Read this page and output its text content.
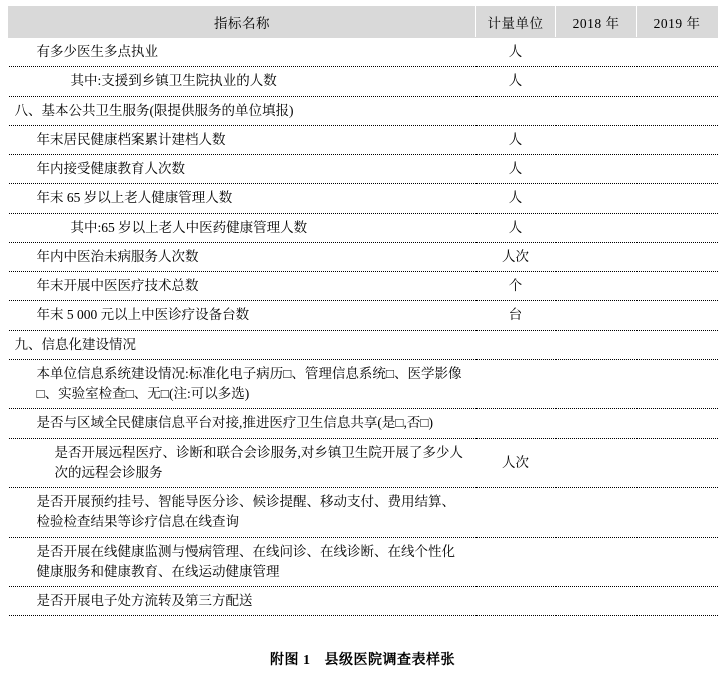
指标名称	计量单位	2018 年	2019 年
有多少医生多点执业	人		
其中:支援到乡镇卫生院执业的人数	人		
八、基本公共卫生服务(限提供服务的单位填报)			
年末居民健康档案累计建档人数	人		
年内接受健康教育人次数	人		
年末 65 岁以上老人健康管理人数	人		
其中:65 岁以上老人中医药健康管理人数	人		
年内中医治未病服务人次数	人次		
年末开展中医医疗技术总数	个		
年末 5 000 元以上中医诊疗设备台数	台		
九、信息化建设情况			
本单位信息系统建设情况:标准化电子病历□、管理信息系统□、医学影像□、实验室检查□、无□(注:可以多选)			
是否与区域全民健康信息平台对接,推进医疗卫生信息共享(是□,否□)			
是否开展远程医疗、诊断和联合会诊服务,对乡镇卫生院开展了多少人次的远程会诊服务	人次		
是否开展预约挂号、智能导医分诊、候诊提醒、移动支付、费用结算、检验检查结果等诊疗信息在线查询			
是否开展在线健康监测与慢病管理、在线问诊、在线诊断、在线个性化健康服务和健康教育、在线运动健康管理			
是否开展电子处方流转及第三方配送			
附图 1 县级医院调查表样张
